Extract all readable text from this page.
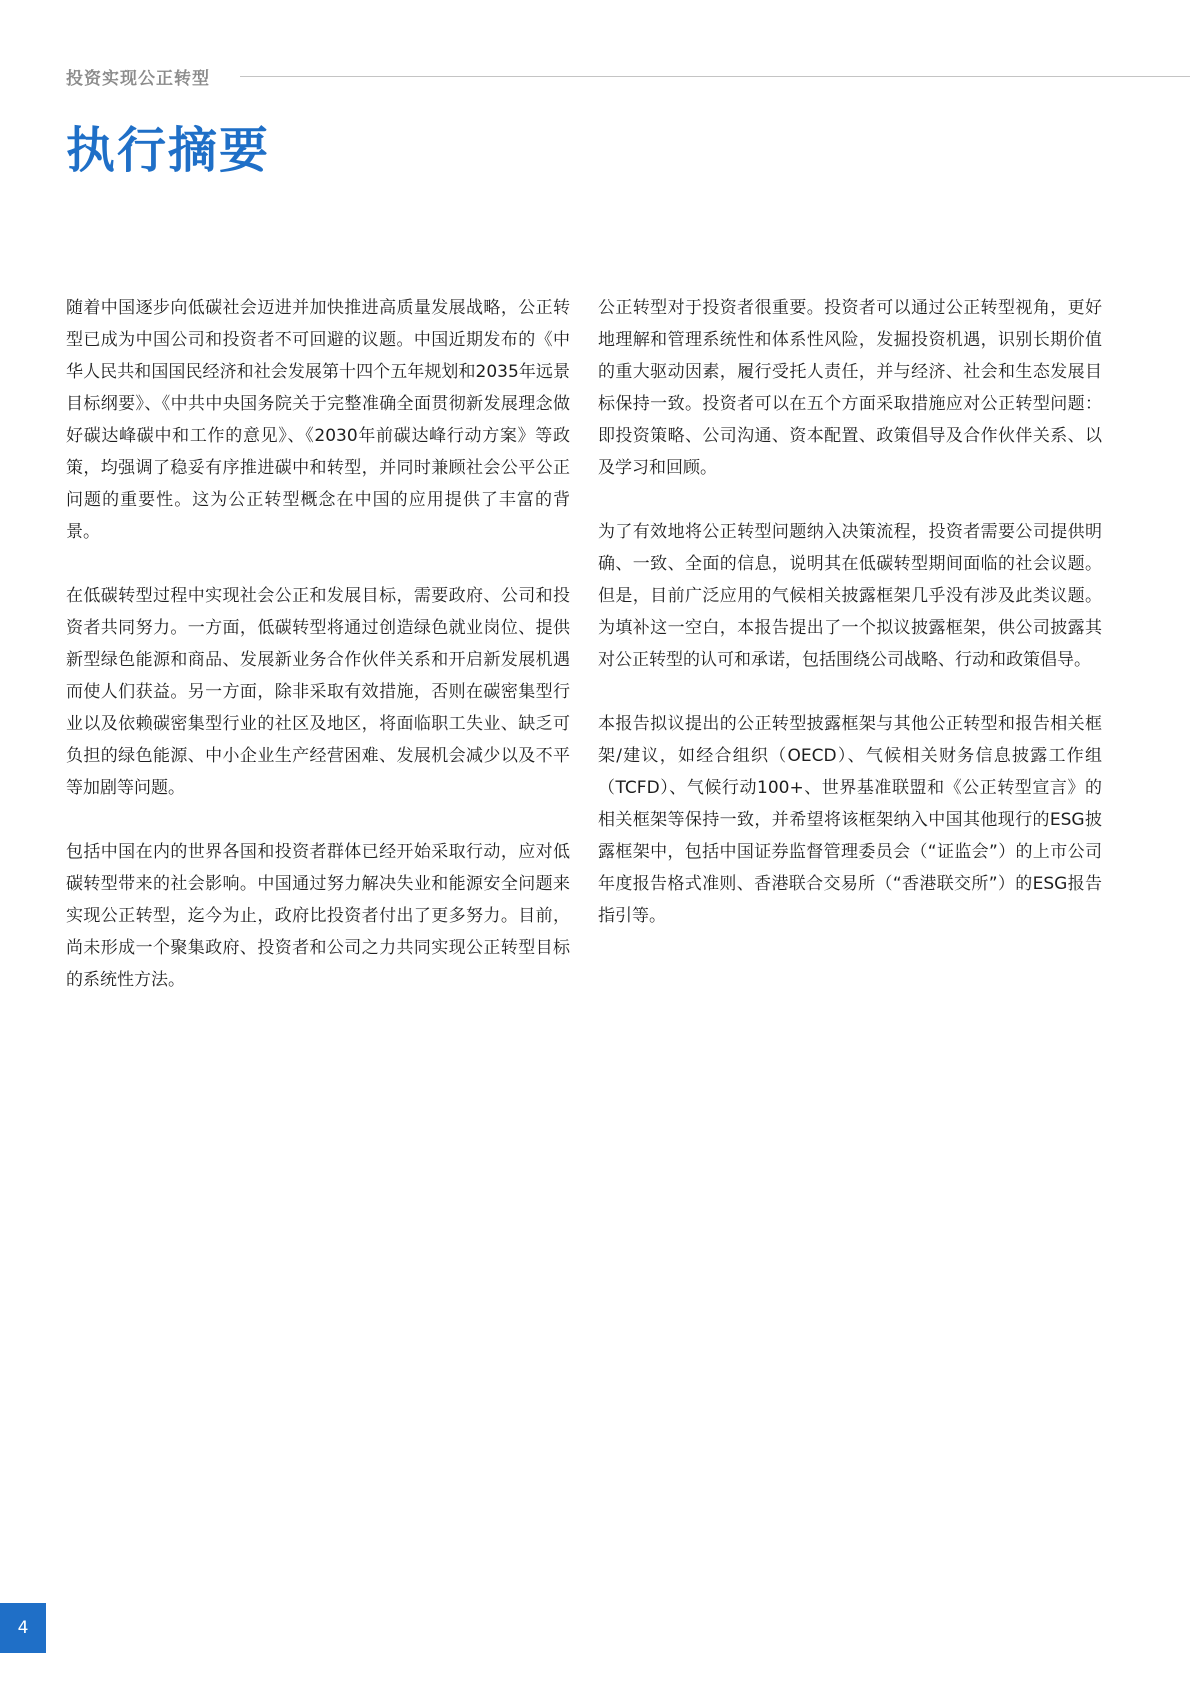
投资实现公正转型
执行摘要

随着中国逐步向低碳社会迈进并加快推进高质量发展战略，公正转型已成为中国公司和投资者不可回避的议题。中国近期发布的《中华人民共和国国民经济和社会发展第十四个五年规划和2035年远景目标纲要》、《中共中央国务院关于完整准确全面贯彻新发展理念做好碳达峰碳中和工作的意见》、《2030年前碳达峰行动方案》等政策，均强调了稳妥有序推进碳中和转型，并同时兼顾社会公平公正问题的重要性。这为公正转型概念在中国的应用提供了丰富的背景。

在低碳转型过程中实现社会公正和发展目标，需要政府、公司和投资者共同努力。一方面，低碳转型将通过创造绿色就业岗位、提供新型绿色能源和商品、发展新业务合作伙伴关系和开启新发展机遇而使人们获益。另一方面，除非采取有效措施，否则在碳密集型行业以及依赖碳密集型行业的社区及地区，将面临职工失业、缺乏可负担的绿色能源、中小企业生产经营困难、发展机会减少以及不平等加剧等问题。

包括中国在内的世界各国和投资者群体已经开始采取行动，应对低碳转型带来的社会影响。中国通过努力解决失业和能源安全问题来实现公正转型，迄今为止，政府比投资者付出了更多努力。目前，尚未形成一个聚集政府、投资者和公司之力共同实现公正转型目标的系统性方法。

公正转型对于投资者很重要。投资者可以通过公正转型视角，更好地理解和管理系统性和体系性风险，发掘投资机遇，识别长期价值的重大驱动因素，履行受托人责任，并与经济、社会和生态发展目标保持一致。投资者可以在五个方面采取措施应对公正转型问题：即投资策略、公司沟通、资本配置、政策倡导及合作伙伴关系、以及学习和回顾。

为了有效地将公正转型问题纳入决策流程，投资者需要公司提供明确、一致、全面的信息，说明其在低碳转型期间面临的社会议题。但是，目前广泛应用的气候相关披露框架几乎没有涉及此类议题。为填补这一空白，本报告提出了一个拟议披露框架，供公司披露其对公正转型的认可和承诺，包括围绕公司战略、行动和政策倡导。

本报告拟议提出的公正转型披露框架与其他公正转型和报告相关框架/建议，如经合组织（OECD）、气候相关财务信息披露工作组（TCFD）、气候行动100+、世界基准联盟和《公正转型宣言》的相关框架等保持一致，并希望将该框架纳入中国其他现行的ESG披露框架中，包括中国证券监督管理委员会（“证监会”）的上市公司年度报告格式准则、香港联合交易所（“香港联交所”）的ESG报告指引等。

4
